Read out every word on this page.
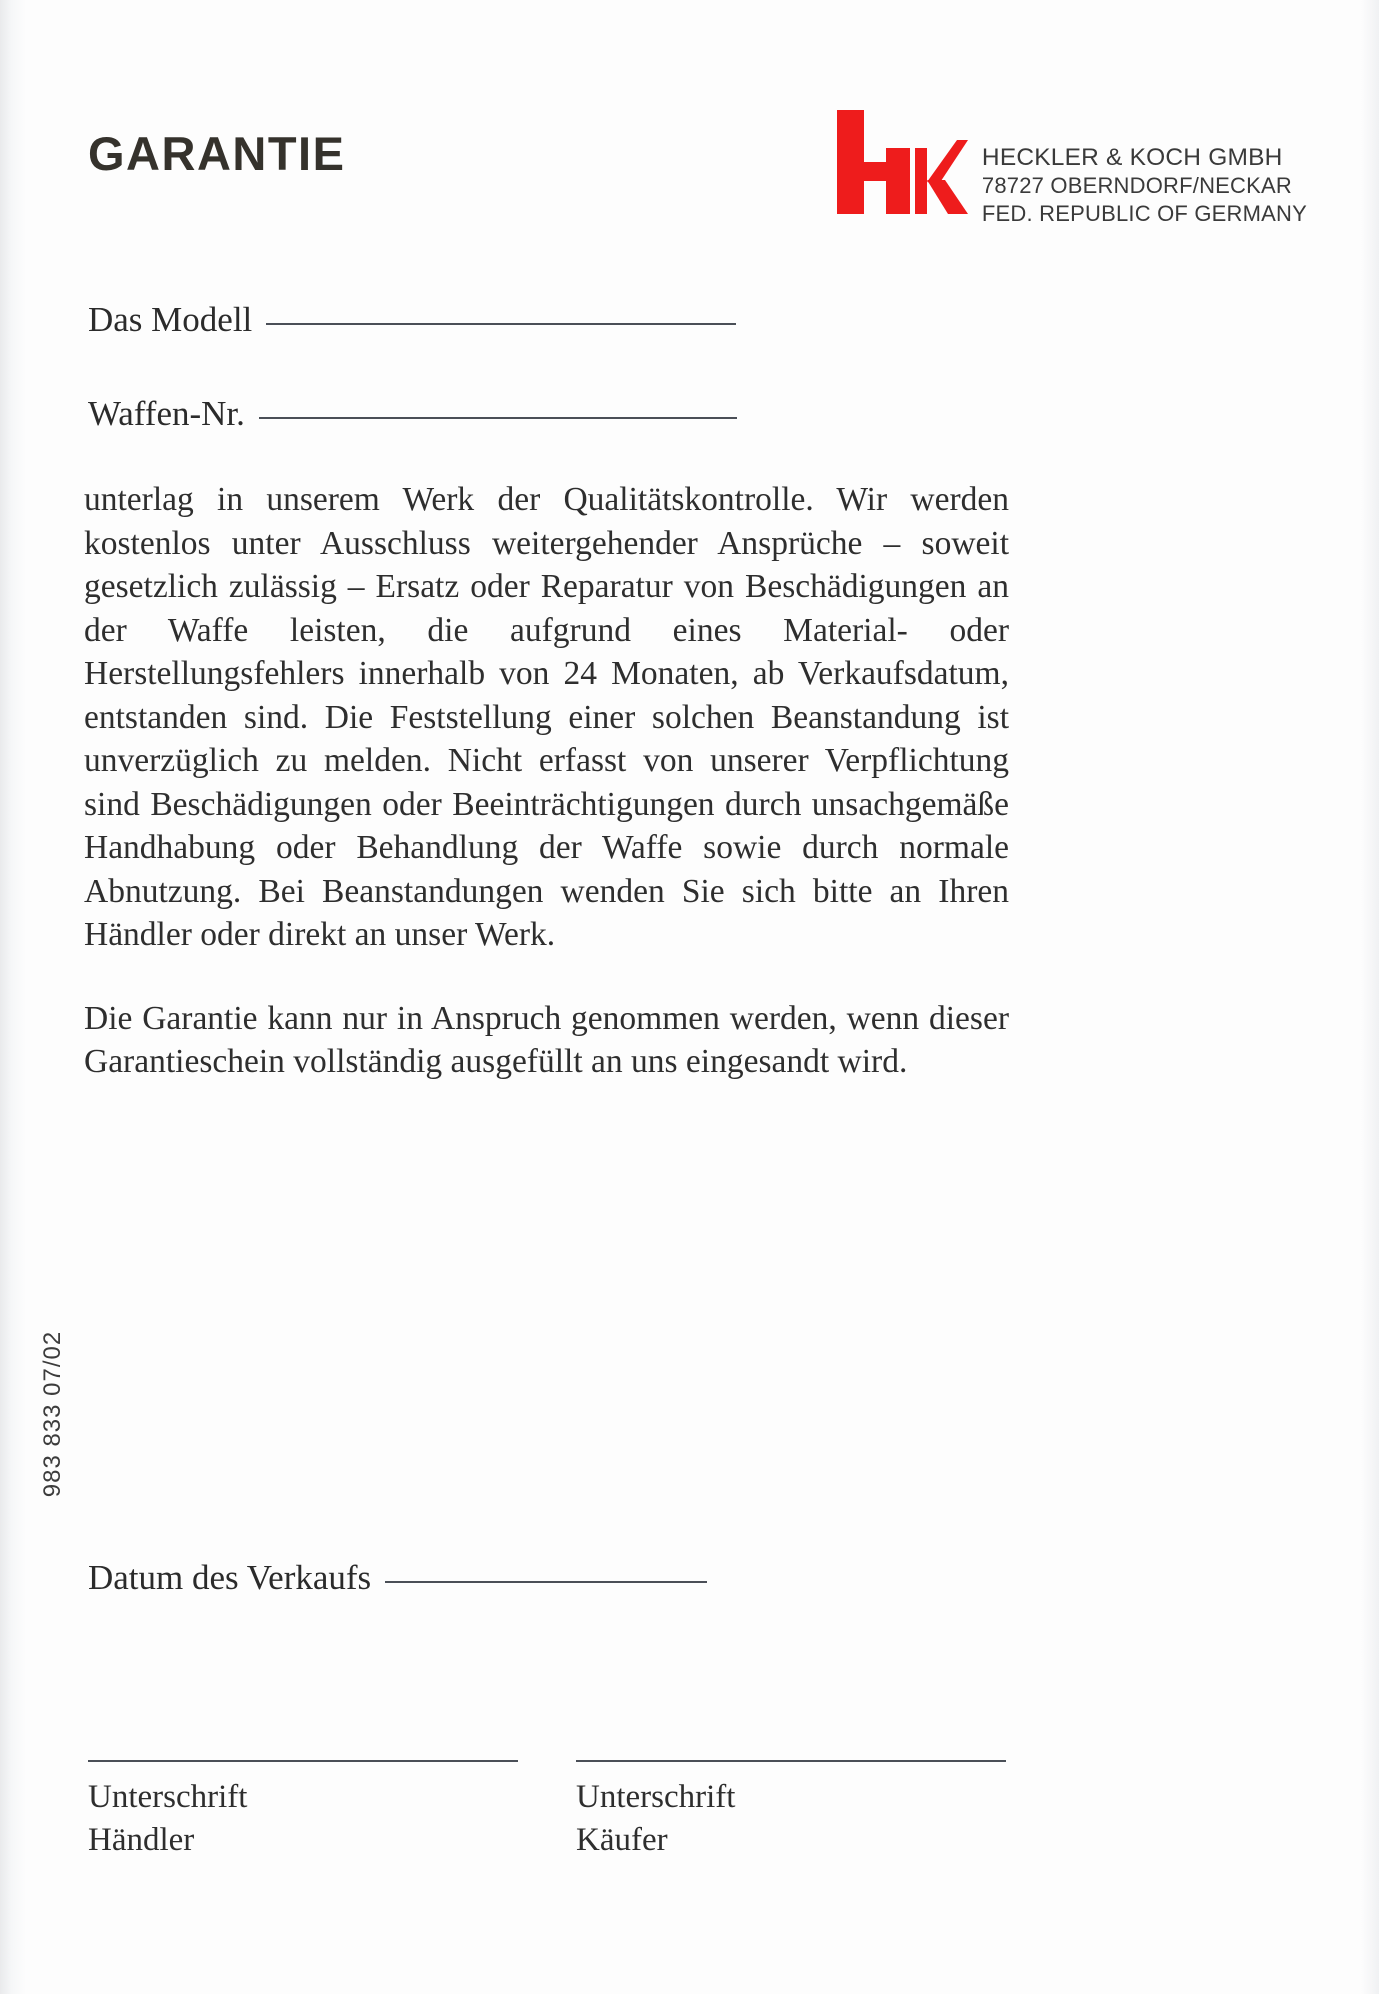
GARANTIE	HECKLER & KOCH GMBH
78727 OBERNDORF/NECKAR
FED. REPUBLIC OF GERMANY
Das Modell
Waffen-Nr.

unterlag in unserem Werk der Qualitätskontrolle. Wir werden kostenlos unter Ausschluss weitergehender Ansprüche – soweit gesetzlich zulässig – Ersatz oder Reparatur von Beschädigungen an der Waffe leisten, die aufgrund eines Material- oder Herstellungsfehlers innerhalb von 24 Monaten, ab Verkaufsdatum, entstanden sind. Die Feststellung einer solchen Beanstandung ist unverzüglich zu melden. Nicht erfasst von unserer Verpflichtung sind Beschädigungen oder Beeinträchtigungen durch unsachgemäße Handhabung oder Behandlung der Waffe sowie durch normale Abnutzung. Bei Beanstandungen wenden Sie sich bitte an Ihren Händler oder direkt an unser Werk.

Die Garantie kann nur in Anspruch genommen werden, wenn dieser Garantieschein vollständig ausgefüllt an uns eingesandt wird.

Datum des Verkaufs
Unterschrift
Händler
Unterschrift
Käufer
983 833 07/02
